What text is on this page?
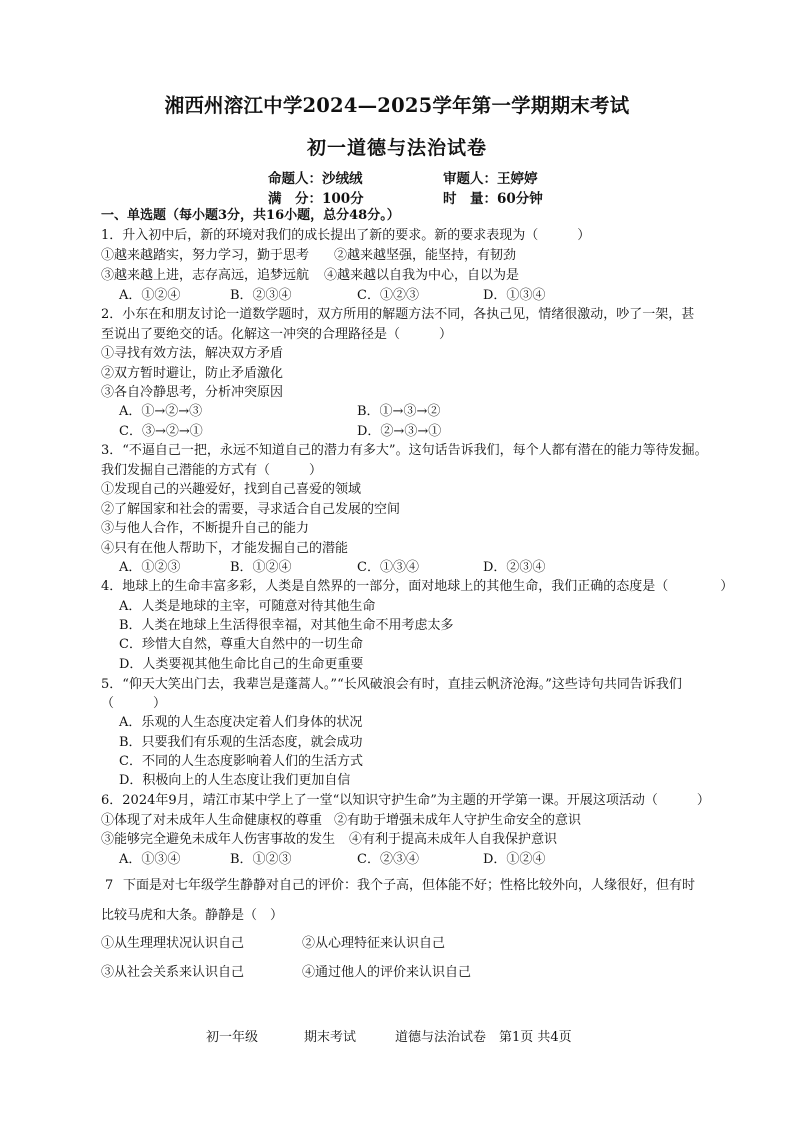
湘西州溶江中学2024—2025学年第一学期期末考试
初一道德与法治试卷
命题人：沙绒绒	审题人：王婷婷
满　分：100分	时　量：60分钟
一、单选题（每小题3分，共16小题，总分48分。）
1．升入初中后，新的环境对我们的成长提出了新的要求。新的要求表现为（　　　）
①越来越踏实，努力学习，勤于思考 ②越来越坚强，能坚持，有韧劲
③越来越上进，志存高远，追梦远航 ④越来越以自我为中心，自以为是
A．①②④	B．②③④	C．①②③	D．①③④
2．小东在和朋友讨论一道数学题时，双方所用的解题方法不同，各执己见，情绪很激动，吵了一架，甚
至说出了要绝交的话。化解这一冲突的合理路径是（　　　）
①寻找有效方法，解决双方矛盾
②双方暂时避让，防止矛盾激化
③各自冷静思考，分析冲突原因
A．①→②→③	B．①→③→②
C．③→②→①	D．②→③→①
3．“不逼自己一把，永远不知道自己的潜力有多大”。这句话告诉我们，每个人都有潜在的能力等待发掘。
我们发掘自己潜能的方式有（　　　）
①发现自己的兴趣爱好，找到自己喜爱的领域
②了解国家和社会的需要，寻求适合自己发展的空间
③与他人合作，不断提升自己的能力
④只有在他人帮助下，才能发掘自己的潜能
A．①②③	B．①②④	C．①③④	D．②③④
4．地球上的生命丰富多彩，人类是自然界的一部分，面对地球上的其他生命，我们正确的态度是（　　　　）
A．人类是地球的主宰，可随意对待其他生命
B．人类在地球上生活得很幸福，对其他生命不用考虑太多
C．珍惜大自然，尊重大自然中的一切生命
D．人类要视其他生命比自己的生命更重要
5．“仰天大笑出门去，我辈岂是蓬蒿人。”“长风破浪会有时，直挂云帆济沧海。”这些诗句共同告诉我们
（　　　）
A．乐观的人生态度决定着人们身体的状况
B．只要我们有乐观的生活态度，就会成功
C．不同的人生态度影响着人们的生活方式
D．积极向上的人生态度让我们更加自信
6．2024年9月，靖江市某中学上了一堂“以知识守护生命”为主题的开学第一课。开展这项活动（　　　）
①体现了对未成年人生命健康权的尊重 ②有助于增强未成年人守护生命安全的意识
③能够完全避免未成年人伤害事故的发生 ④有利于提高未成年人自我保护意识
A．①③④	B．①②③	C．②③④	D．①②④
7 下面是对七年级学生静静对自己的评价：我个子高，但体能不好；性格比较外向，人缘很好，但有时
比较马虎和大条。静静是（　）
①从生理理状况认识自己	②从心理特征来认识自己
③从社会关系来认识自己	④通过他人的评价来认识自己
初一年级	期末考试	道德与法治试卷 第1页 共4页
